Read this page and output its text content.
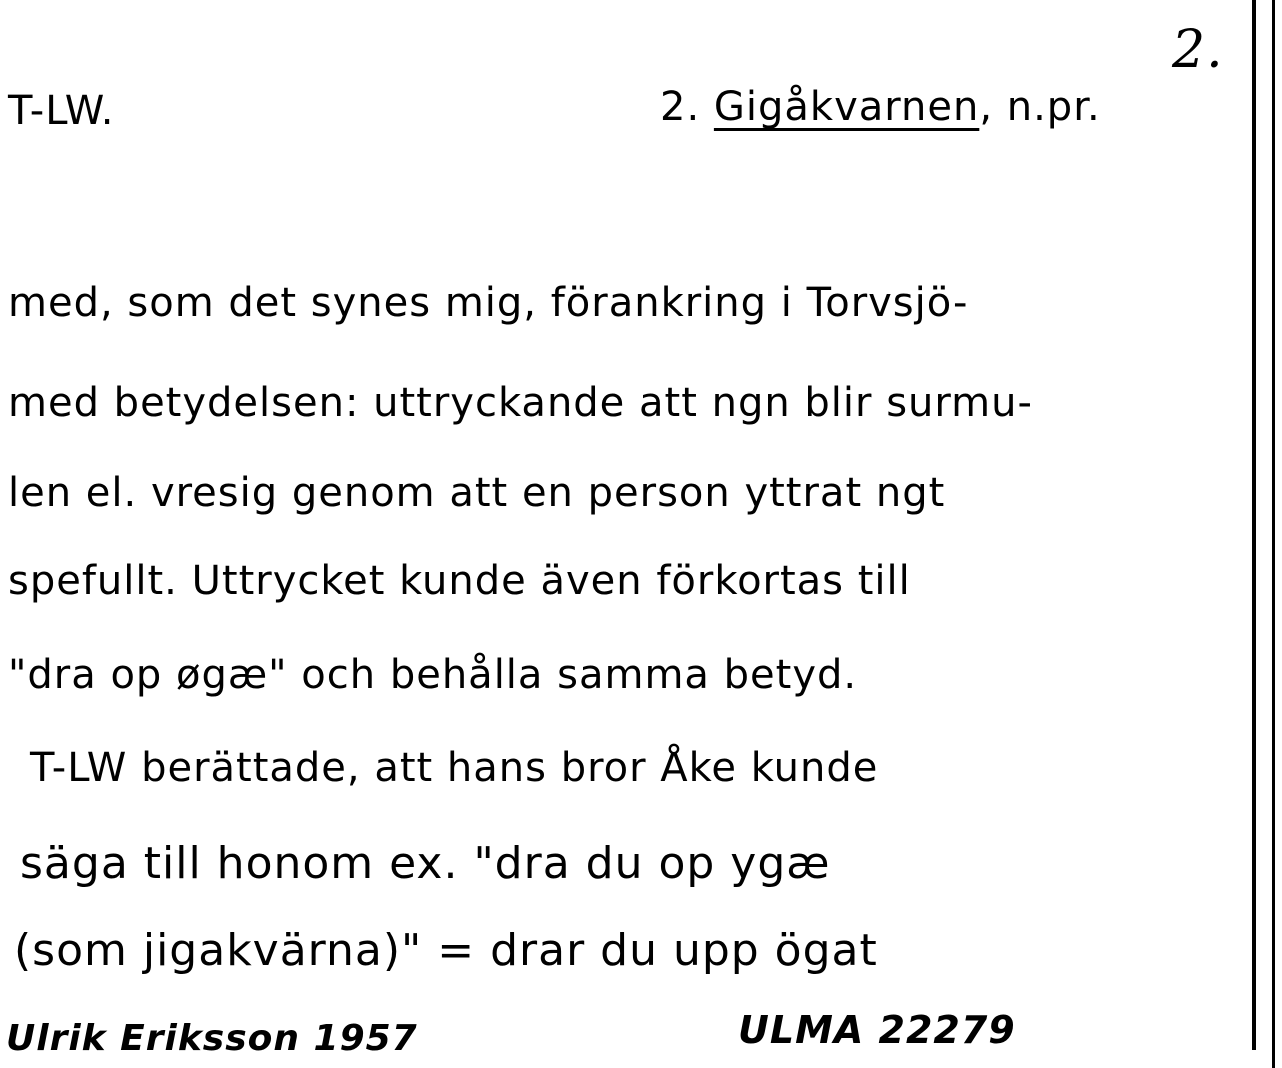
2.
T-LW.	2. Gigåkvarnen, n.pr.
med, som det synes mig, förankring i Torvsjö-
med betydelsen: uttryckande att ngn blir surmu-
len el. vresig genom att en person yttrat ngt
spefullt. Uttrycket kunde även förkortas till
"dra op øgæ" och behålla samma betyd.
T-LW berättade, att hans bror Åke kunde
säga till honom ex. "dra du op ygæ
(som jigakvärna)" = drar du upp ögat
Ulrik Eriksson 1957	ULMA 22279
